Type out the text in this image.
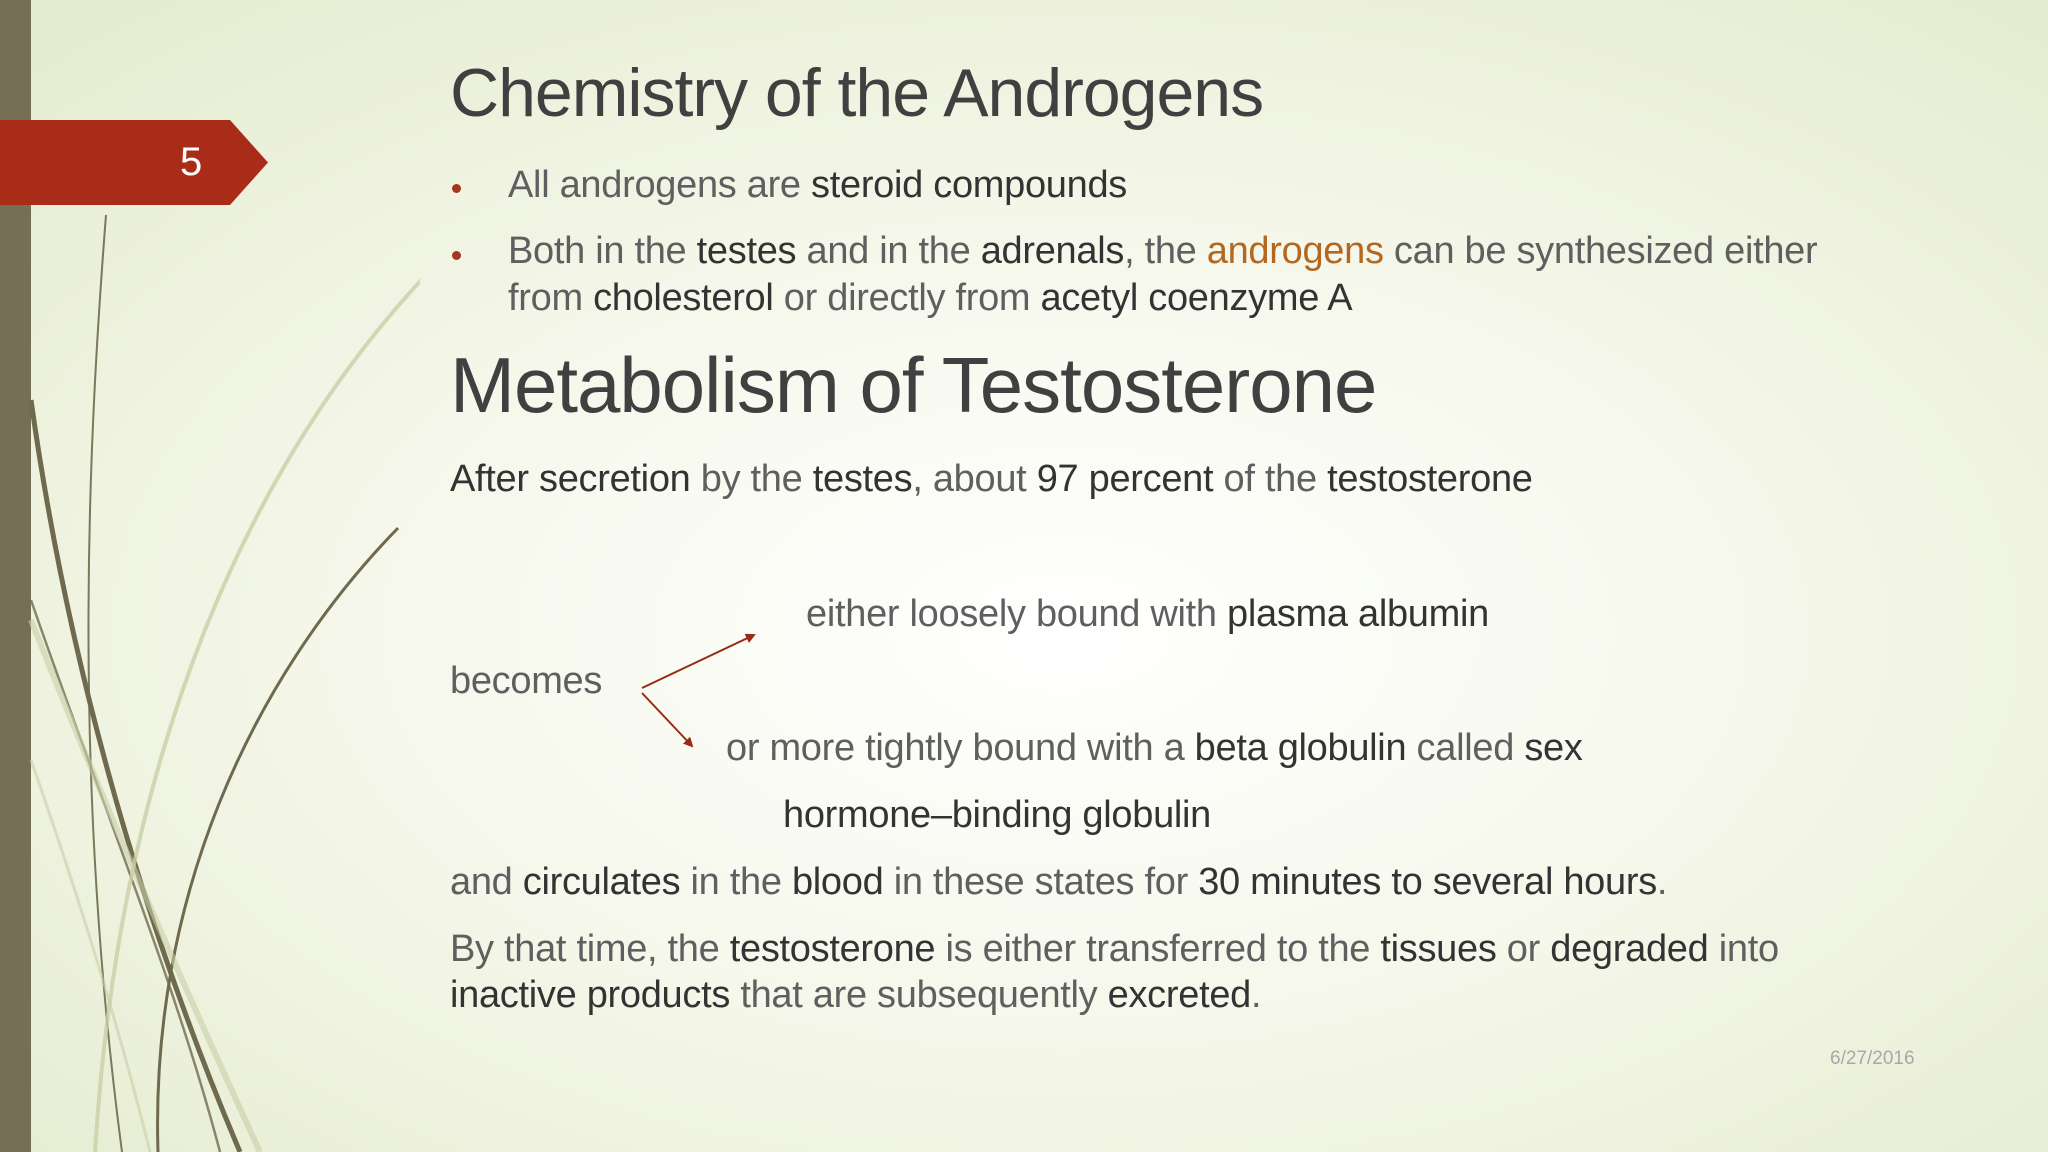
5
Chemistry of the Androgens
All androgens are steroid compounds
Both in the testes and in the adrenals, the androgens can be synthesized either
from cholesterol or directly from acetyl coenzyme A
Metabolism of Testosterone
After secretion by the testes, about 97 percent of the testosterone
either loosely bound with plasma albumin
becomes
or more tightly bound with a beta globulin called sex
hormone–binding globulin
and circulates in the blood in these states for 30 minutes to several hours.
By that time, the testosterone is either transferred to the tissues or degraded into
inactive products that are subsequently excreted.
6/27/2016
